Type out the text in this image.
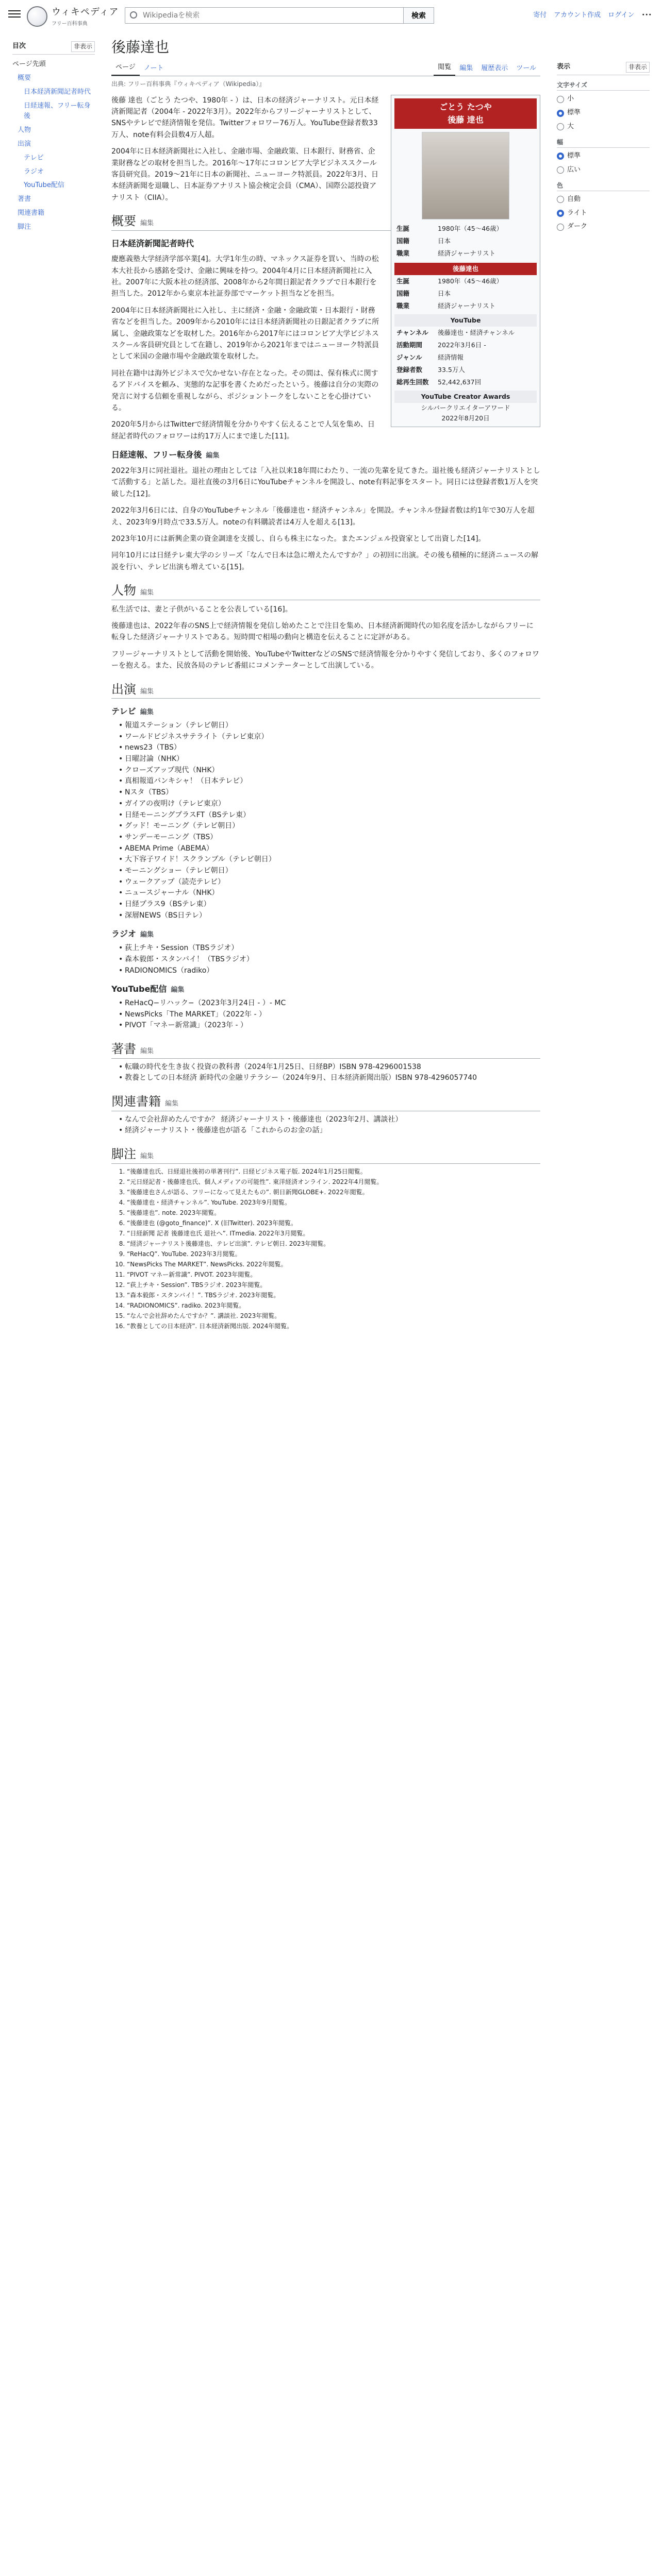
ウィキペディア
フリー百科事典
Wikipediaを検索
検索	寄付 アカウント作成 ログイン ･･･
目次	非表示
ページ先頭
概要
日本経済新聞記者時代
日経速報、フリー転身後
人物
出演
テレビ
ラジオ
YouTube配信
著書
関連書籍
脚注
後藤達也
ページ	ノート	閲覧	編集	履歴表示	ツール
出典: フリー百科事典『ウィキペディア（Wikipedia）』
ごとう たつや
後藤 達也
生誕	1980年（45～46歳）
国籍	日本
職業	経済ジャーナリスト
後藤達也
生誕	1980年（45～46歳）
国籍	日本
職業	経済ジャーナリスト
YouTube
チャンネル	後藤達也・経済チャンネル
活動期間	2022年3月6日 -
ジャンル	経済情報
登録者数	33.5万人
総再生回数	52,442,637回
YouTube Creator Awards
シルバークリエイターアワード
2022年8月20日

後藤 達也（ごとう たつや、1980年 - ）は、日本の経済ジャーナリスト。元日本経済新聞記者（2004年 - 2022年3月）。2022年からフリージャーナリストとして、SNSやテレビで経済情報を発信。Twitterフォロワー76万人。YouTube登録者数33万人、note有料会員数4万人超。

2004年に日本経済新聞社に入社し、金融市場、金融政策、日本銀行、財務省、企業財務などの取材を担当した。2016年～17年にコロンビア大学ビジネススクール客員研究員。2019〜21年に日本の新聞社、ニューヨーク特派員。2022年3月、日本経済新聞を退職し、日本証券アナリスト協会検定会員（CMA）、国際公認投資アナリスト（CIIA）。

概要 編集
日本経済新聞記者時代

慶應義塾大学経済学部卒業[4]。大学1年生の時、マネックス証券を買い、当時の松本大社長から感銘を受け、金融に興味を持つ。2004年4月に日本経済新聞社に入社。2007年に大阪本社の経済部、2008年から2年間日銀記者クラブで日本銀行を担当した。2012年から東京本社証券部でマーケット担当などを担当。

2004年に日本経済新聞社に入社し、主に経済・金融・金融政策・日本銀行・財務省などを担当した。2009年から2010年には日本経済新聞社の日銀記者クラブに所属し、金融政策などを取材した。2016年から2017年にはコロンビア大学ビジネススクール客員研究員として在籍し、2019年から2021年まではニューヨーク特派員として米国の金融市場や金融政策を取材した。

同社在籍中は海外ビジネスで欠かせない存在となった。その間は、保有株式に関するアドバイスを頼み、実態的な記事を書くためだったという。後藤は自分の実際の発言に対する信頼を重視しながら、ポジショントークをしないことを心掛けている。

2020年5月からはTwitterで経済情報を分かりやすく伝えることで人気を集め、日経記者時代のフォロワーは約17万人にまで達した[11]。

日経速報、フリー転身後 編集

2022年3月に同社退社。退社の理由としては「入社以来18年間にわたり、一流の先輩を見てきた。退社後も経済ジャーナリストとして活動する」と話した。退社直後の3月6日にYouTubeチャンネルを開設し、note有料記事をスタート。同日には登録者数1万人を突破した[12]。

2022年3月6日には、自身のYouTubeチャンネル「後藤達也・経済チャンネル」を開設。チャンネル登録者数は約1年で30万人を超え、2023年9月時点で33.5万人。noteの有料購読者は4万人を超える[13]。

2023年10月には新興企業の資金調達を支援し、自らも株主になった。またエンジェル投資家として出資した[14]。

同年10月には日経テレ東大学のシリーズ「なんで日本は急に増えたんですか？」の初回に出演。その後も積極的に経済ニュースの解説を行い、テレビ出演も増えている[15]。

人物 編集

私生活では、妻と子供がいることを公表している[16]。

後藤達也は、2022年春のSNS上で経済情報を発信し始めたことで注目を集め、日本経済新聞時代の知名度を活かしながらフリーに転身した経済ジャーナリストである。短時間で相場の動向と構造を伝えることに定評がある。

フリージャーナリストとして活動を開始後、YouTubeやTwitterなどのSNSで経済情報を分かりやすく発信しており、多くのフォロワーを抱える。また、民放各局のテレビ番組にコメンテーターとして出演している。

出演 編集
テレビ 編集
• 報道ステーション（テレビ朝日）
• ワールドビジネスサテライト（テレビ東京）
• news23（TBS）
• 日曜討論（NHK）
• クローズアップ現代（NHK）
• 真相報道バンキシャ！（日本テレビ）
• Nスタ（TBS）
• ガイアの夜明け（テレビ東京）
• 日経モーニングプラスFT（BSテレ東）
• グッド！モーニング（テレビ朝日）
• サンデーモーニング（TBS）
• ABEMA Prime（ABEMA）
• 大下容子ワイド！スクランブル（テレビ朝日）
• モーニングショー（テレビ朝日）
• ウェークアップ（読売テレビ）
• ニュースジャーナル（NHK）
• 日経プラス9（BSテレ東）
• 深層NEWS（BS日テレ）
ラジオ 編集
• 荻上チキ・Session（TBSラジオ）
• 森本毅郎・スタンバイ！（TBSラジオ）
• RADIONOMICS（radiko）
YouTube配信 編集
• ReHacQ−リハック−（2023年3月24日 - ）- MC
• NewsPicks「The MARKET」（2022年 - ）
• PIVOT「マネー新常識」（2023年 - ）
著書 編集
• 転職の時代を生き抜く投資の教科書（2024年1月25日、日経BP）ISBN 978-4296001538
• 教養としての日本経済 新時代の金融リテラシー（2024年9月、日本経済新聞出版）ISBN 978-4296057740
関連書籍 編集
• なんで会社辞めたんですか？ 経済ジャーナリスト・後藤達也（2023年2月、講談社）
• 経済ジャーナリスト・後藤達也が語る「これからのお金の話」
脚注 編集
1. “後藤達也氏、日経退社後初の単著刊行”. 日経ビジネス電子版. 2024年1月25日閲覧。
2. “元日経記者・後藤達也氏、個人メディアの可能性”. 東洋経済オンライン. 2022年4月閲覧。
3. “後藤達也さんが語る、フリーになって見えたもの”. 朝日新聞GLOBE+. 2022年閲覧。
4. “後藤達也・経済チャンネル”. YouTube. 2023年9月閲覧。
5. “後藤達也”. note. 2023年閲覧。
6. “後藤達也 (@goto_finance)”. X (旧Twitter). 2023年閲覧。
7. “日経新聞 記者 後藤達也氏 退社へ”. ITmedia. 2022年3月閲覧。
8. “経済ジャーナリスト後藤達也、テレビ出演”. テレビ朝日. 2023年閲覧。
9. “ReHacQ”. YouTube. 2023年3月閲覧。
10. “NewsPicks The MARKET”. NewsPicks. 2022年閲覧。
11. “PIVOT マネー新常識”. PIVOT. 2023年閲覧。
12. “荻上チキ・Session”. TBSラジオ. 2023年閲覧。
13. “森本毅郎・スタンバイ！”. TBSラジオ. 2023年閲覧。
14. “RADIONOMICS”. radiko. 2023年閲覧。
15. “なんで会社辞めたんですか？”. 講談社. 2023年閲覧。
16. “教養としての日本経済”. 日本経済新聞出版. 2024年閲覧。
表示	非表示
文字サイズ
小
標準
大
幅
標準
広い
色
自動
ライト
ダーク
